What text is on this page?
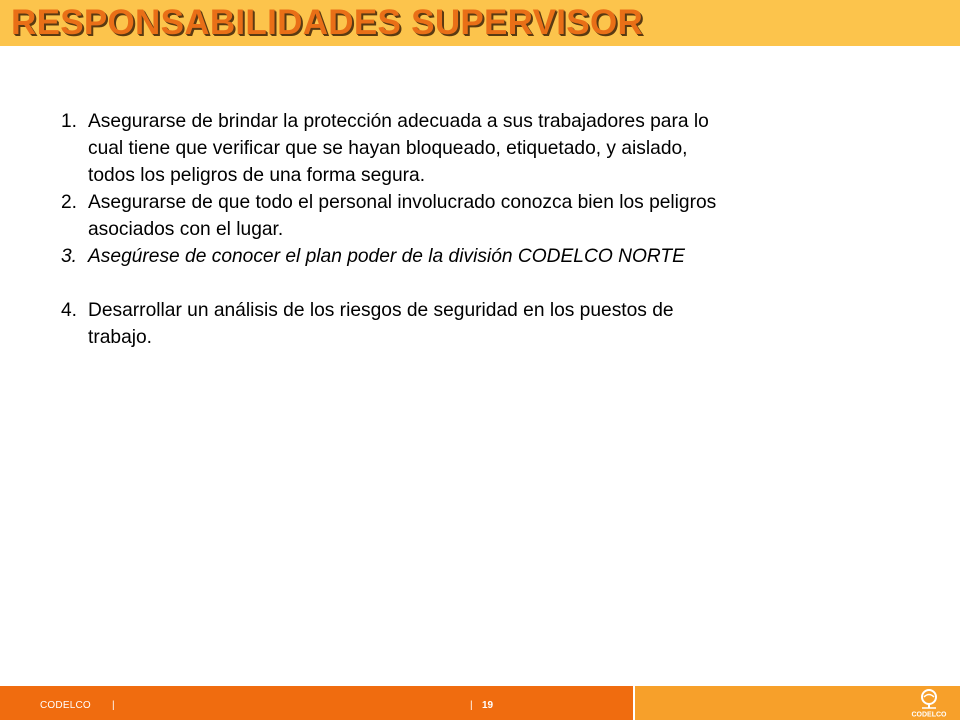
RESPONSABILIDADES SUPERVISOR
1. Asegurarse de brindar la protección adecuada a sus trabajadores para lo
cual tiene que verificar que se hayan bloqueado, etiquetado, y aislado,
todos los peligros de una forma segura.
2. Asegurarse de que todo el personal involucrado conozca bien los peligros
asociados con el lugar.
3. Asegúrese de conocer el plan poder de la división CODELCO NORTE
4. Desarrollar un análisis de los riesgos de seguridad en los puestos de
trabajo.
CODELCO |	| 19
CODELCO
